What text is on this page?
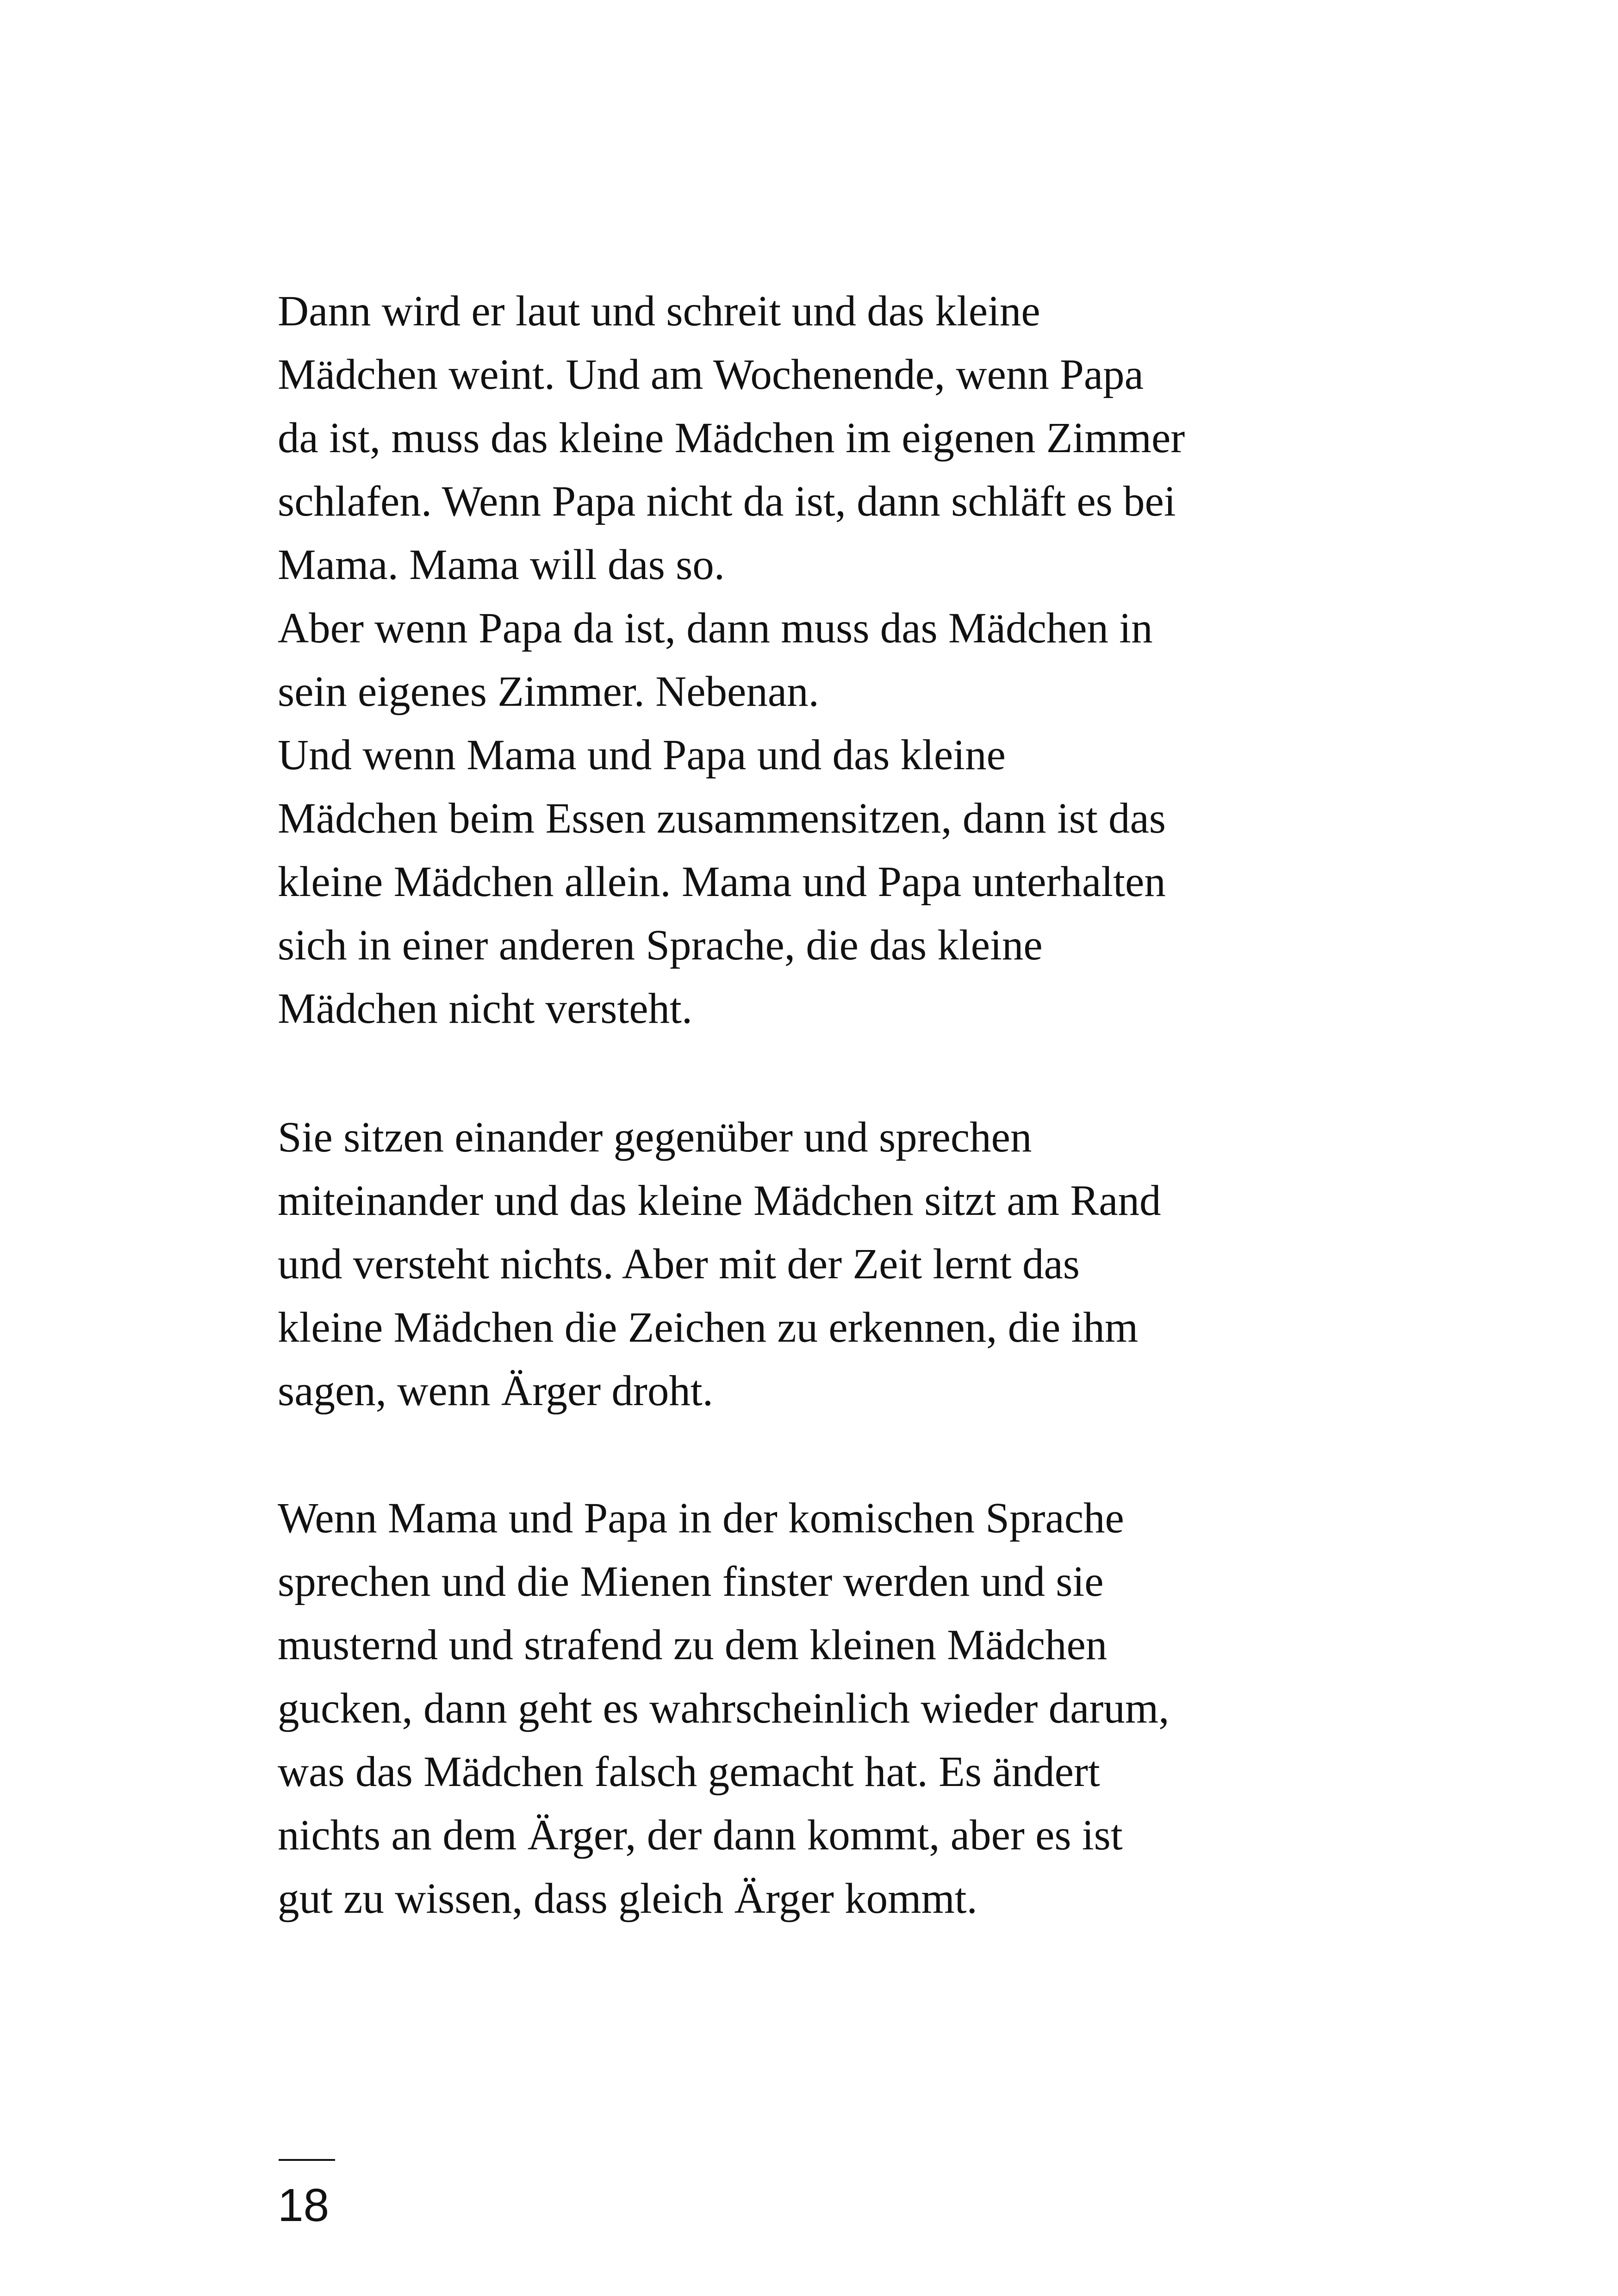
Dann wird er laut und schreit und das kleine
Mädchen weint. Und am Wochenende, wenn Papa
da ist, muss das kleine Mädchen im eigenen Zimmer
schlafen. Wenn Papa nicht da ist, dann schläft es bei
Mama. Mama will das so.
Aber wenn Papa da ist, dann muss das Mädchen in
sein eigenes Zimmer. Nebenan.
Und wenn Mama und Papa und das kleine
Mädchen beim Essen zusammensitzen, dann ist das
kleine Mädchen allein. Mama und Papa unterhalten
sich in einer anderen Sprache, die das kleine
Mädchen nicht versteht.

Sie sitzen einander gegenüber und sprechen
miteinander und das kleine Mädchen sitzt am Rand
und versteht nichts. Aber mit der Zeit lernt das
kleine Mädchen die Zeichen zu erkennen, die ihm
sagen, wenn Ärger droht.

Wenn Mama und Papa in der komischen Sprache
sprechen und die Mienen finster werden und sie
musternd und strafend zu dem kleinen Mädchen
gucken, dann geht es wahrscheinlich wieder darum,
was das Mädchen falsch gemacht hat. Es ändert
nichts an dem Ärger, der dann kommt, aber es ist
gut zu wissen, dass gleich Ärger kommt.

18
